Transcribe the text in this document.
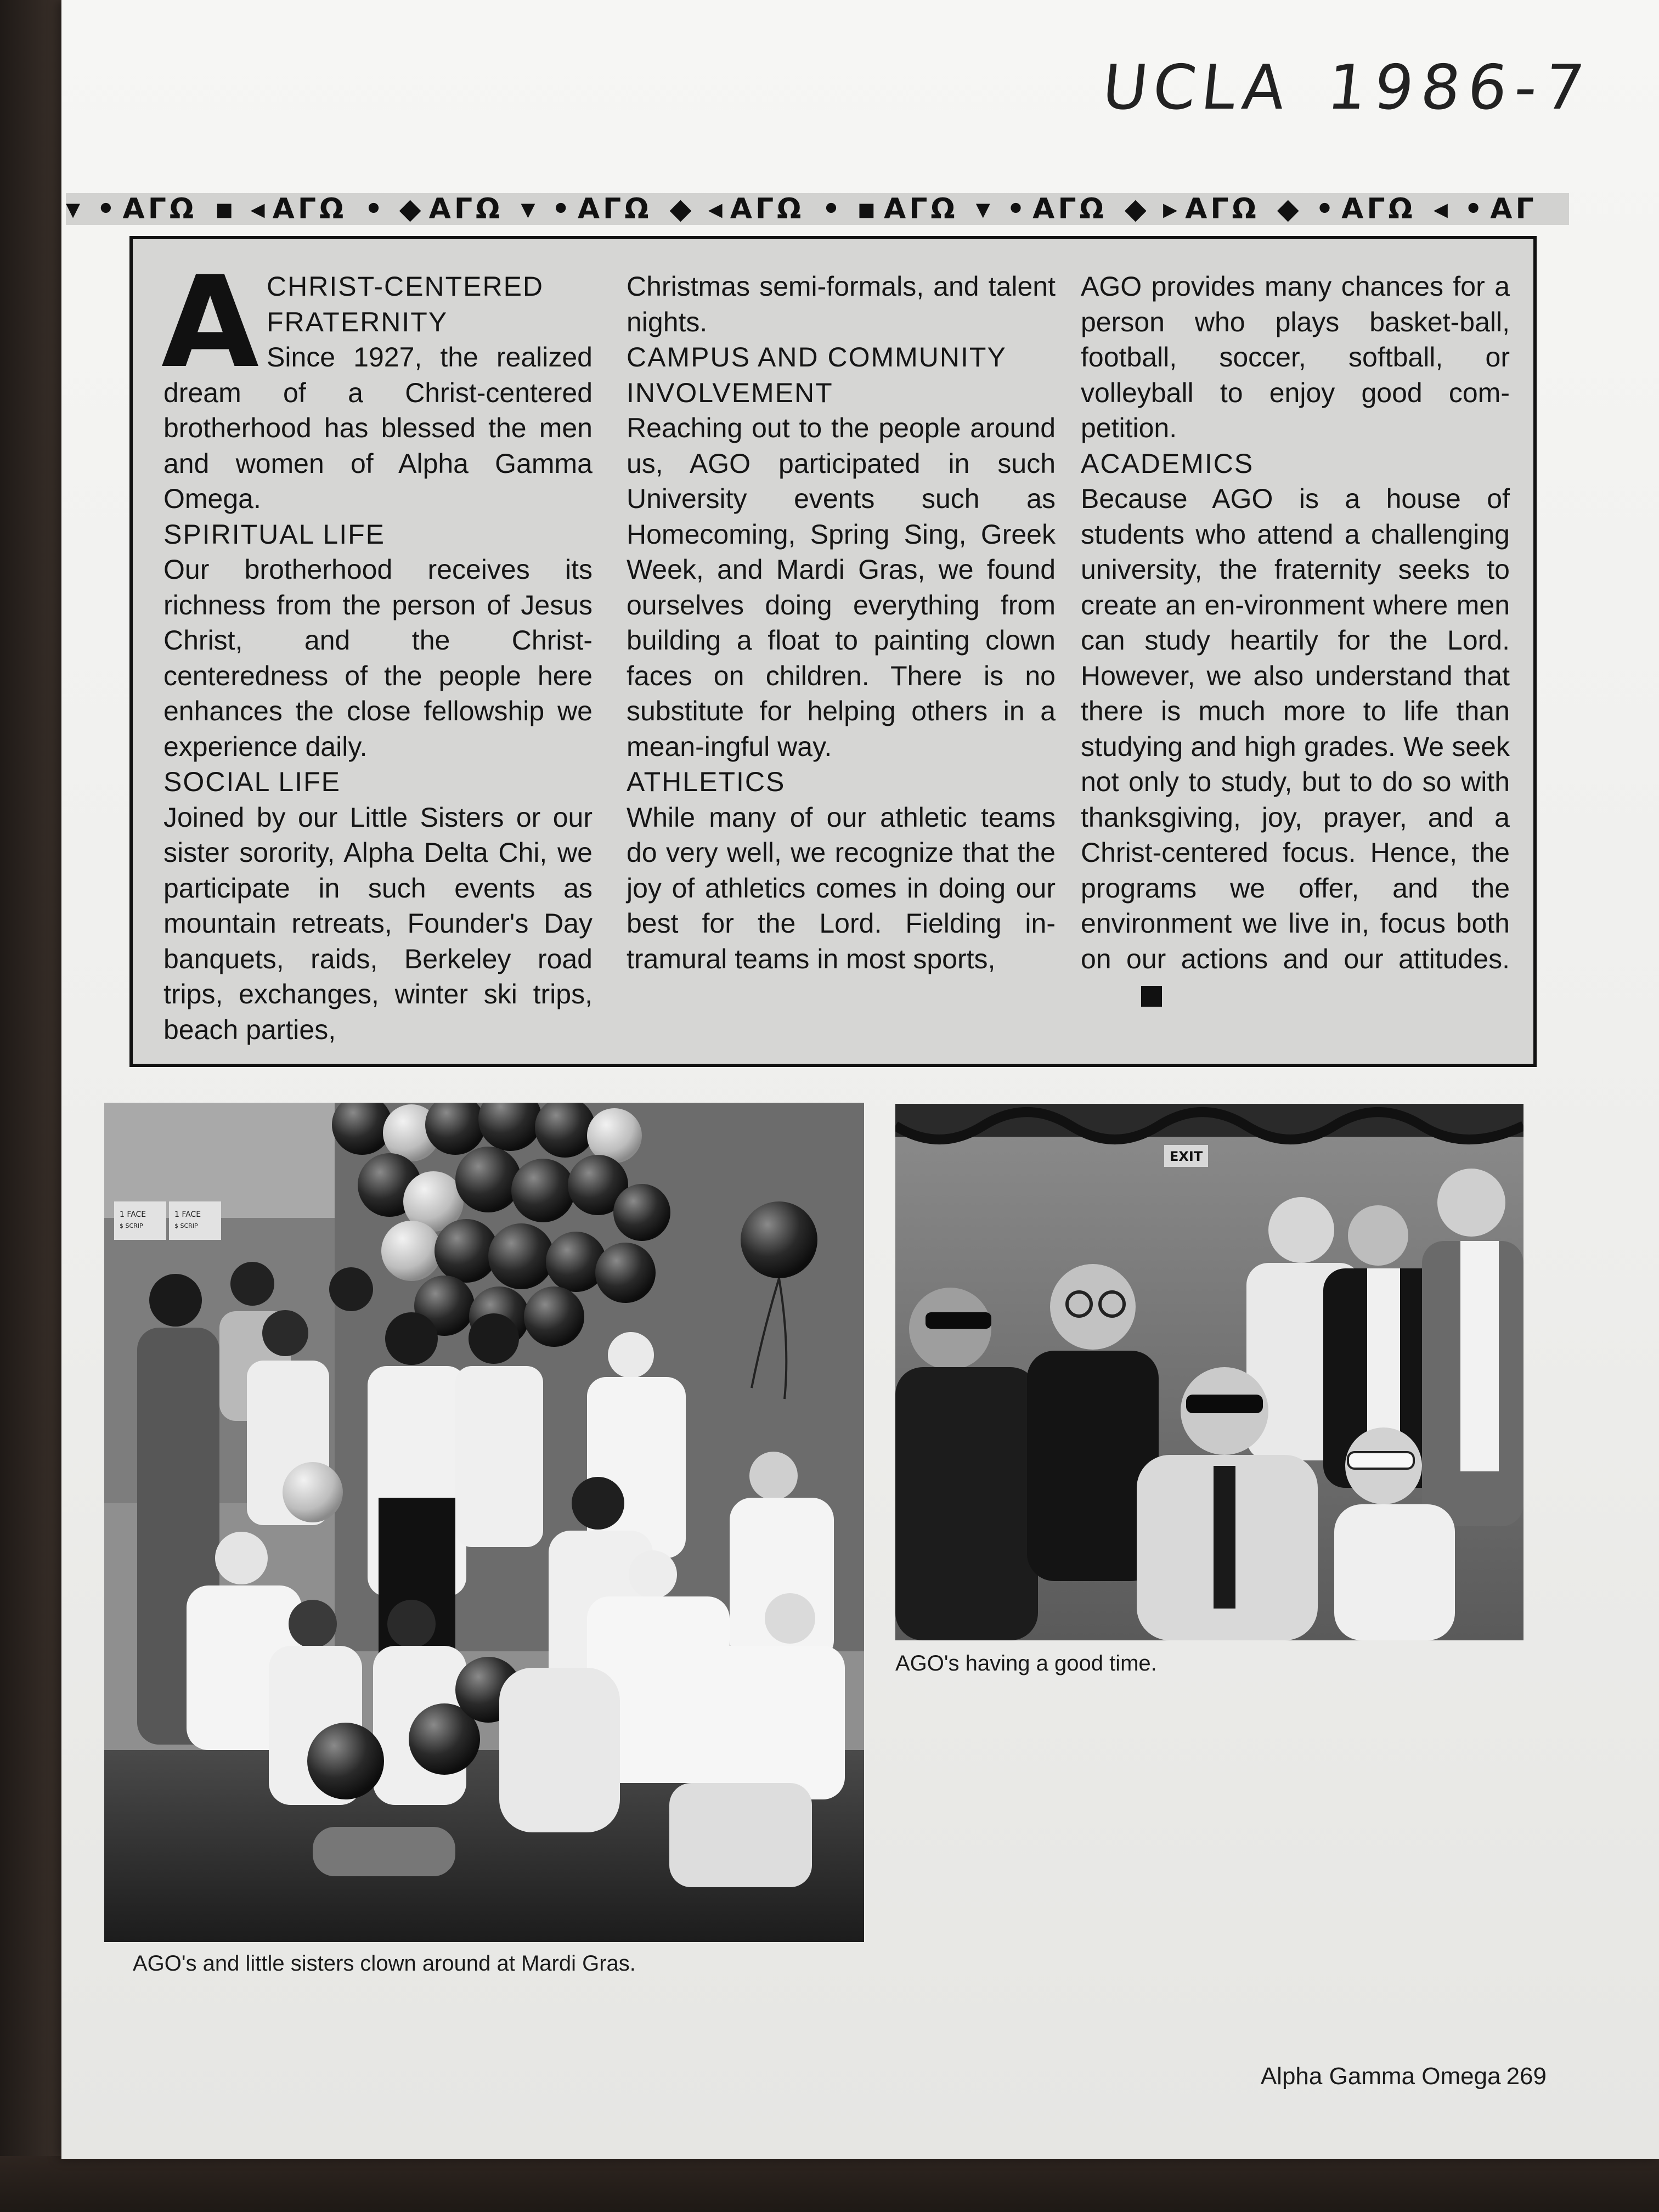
UCLA 1986-7
▾ • ΑΓΩ ▪ ◂ ΑΓΩ • ◆ ΑΓΩ ▾ • ΑΓΩ ◆ ◂ ΑΓΩ • ▪ ΑΓΩ ▾ • ΑΓΩ ◆ ▸ ΑΓΩ ◆ • ΑΓΩ ◂ • ΑΓ
A CHRIST-CENTERED FRATERNITY

Since 1927, the realized dream of a Christ-centered brotherhood has blessed the men and women of Alpha Gamma Omega.

SPIRITUAL LIFE

Our brotherhood receives its richness from the person of Jesus Christ, and the Christ-centeredness of the people here enhances the close fellowship we experience daily.

SOCIAL LIFE

Joined by our Little Sisters or our sister sorority, Alpha Delta Chi, we participate in such events as mountain retreats, Founder's Day banquets, raids, Berkeley road trips, exchanges, winter ski trips, beach parties,

Christmas semi-formals, and talent nights.

CAMPUS AND COMMUNITY INVOLVEMENT

Reaching out to the people around us, AGO participated in such University events such as Homecoming, Spring Sing, Greek Week, and Mardi Gras, we found ourselves doing everything from building a float to painting clown faces on children. There is no substitute for helping others in a mean-ingful way.

ATHLETICS

While many of our athletic teams do very well, we recognize that the joy of athletics comes in doing our best for the Lord. Fielding in-tramural teams in most sports,

AGO provides many chances for a person who plays basket-ball, football, soccer, softball, or volleyball to enjoy good com-petition.

ACADEMICS

Because AGO is a house of students who attend a challenging university, the fraternity seeks to create an en-vironment where men can study heartily for the Lord. However, we also understand that there is much more to life than studying and high grades. We seek not only to study, but to do so with thanksgiving, joy, prayer, and a Christ-centered focus. Hence, the programs we offer, and the environment we live in, focus both on our actions and our attitudes.

1 FACE
$ SCRIP
1 FACE
$ SCRIP
AGO's and little sisters clown around at Mardi Gras.
EXIT
AGO's having a good time.
Alpha Gamma Omega 269
